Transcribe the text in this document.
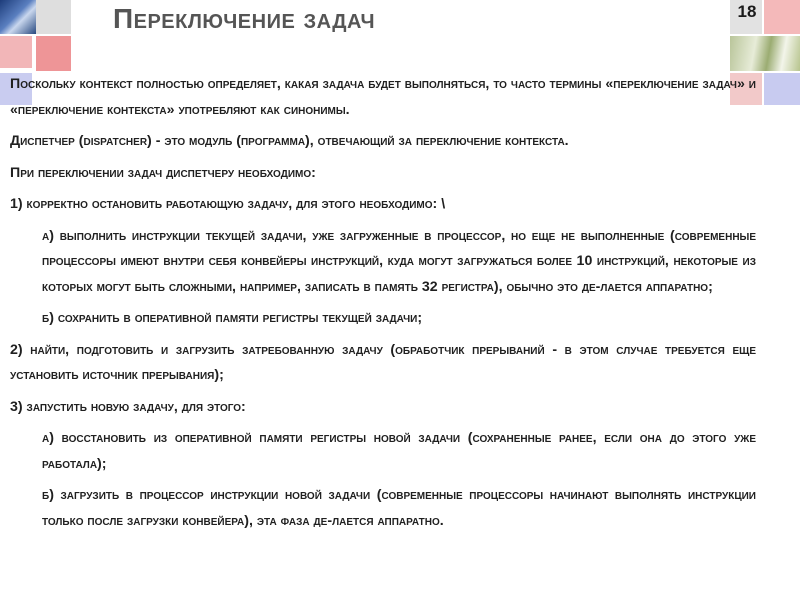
18
Переключение задач

Поскольку контекст полностью определяет, какая задача будет выполняться, то часто термины «переключение задач» и «переключение контекста» употребляют как синонимы.

Диспетчер (dispatcher) - это модуль (программа), отвечающий за переключение контекста.

При переключении задач диспетчеру необходимо:

1) корректно остановить работающую задачу, для этого необходимо: \

а) выполнить инструкции текущей задачи, уже загруженные в процессор, но еще не выполненные (современные процессоры имеют внутри себя конвейеры инструкций, куда могут загружаться более 10 инструкций, некоторые из которых могут быть сложными, например, записать в память 32 регистра), обычно это де-лается аппаратно;

б) сохранить в оперативной памяти регистры текущей задачи;

2) найти, подготовить и загрузить затребованную задачу (обработчик прерываний - в этом случае требуется еще установить источник прерывания);

3) запустить новую задачу, для этого:

а) восстановить из оперативной памяти регистры новой задачи (сохраненные ранее, если она до этого уже работала);

б) загрузить в процессор инструкции новой задачи (современные процессоры начинают выполнять инструкции только после загрузки конвейера), эта фаза де-лается аппаратно.
